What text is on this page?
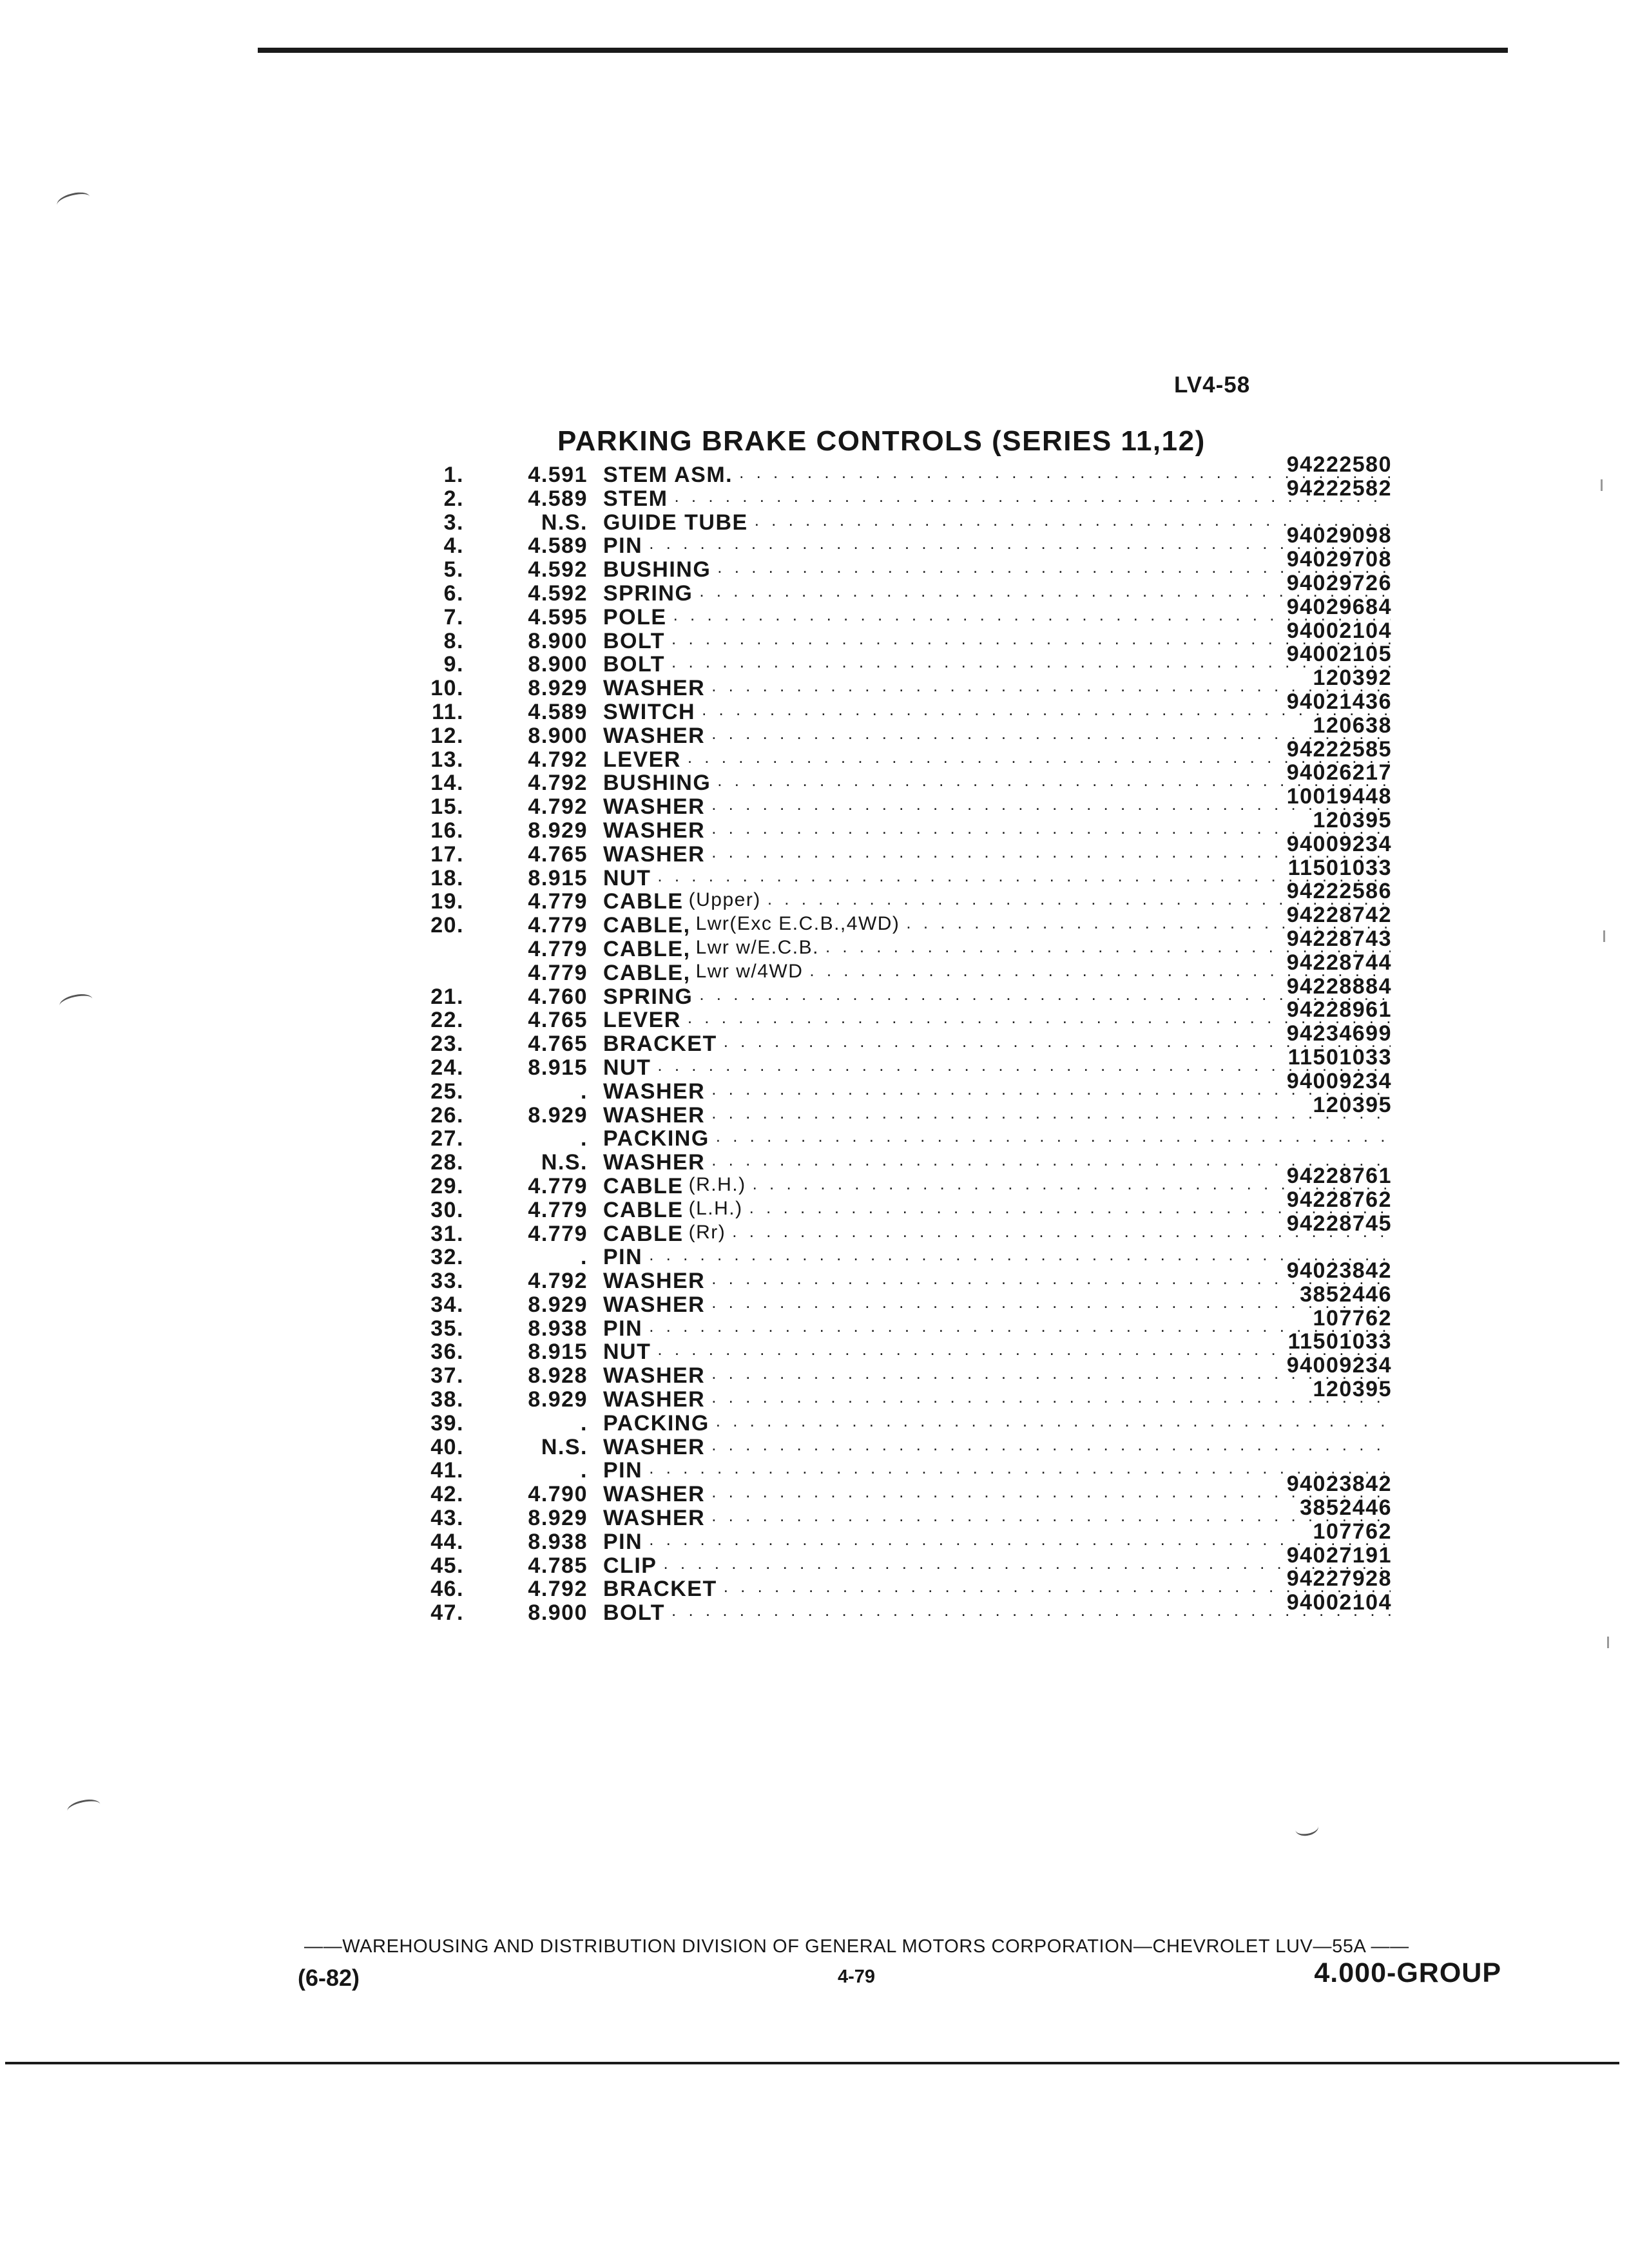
LV4-58
PARKING BRAKE CONTROLS (SERIES 11,12)
1.	4.591 STEM ASM. . . .	94222580
2.	4.589 STEM . . .	94222582
3.	N.S. GUIDE TUBE
. . .
4.	4.589 PIN . . .	94029098
5.	4.592 BUSHING . . .	94029708
6.	4.592 SPRING . . .	94029726
7.	4.595 POLE . . .	94029684
8.	8.900 BOLT . . .	94002104
9.	8.900 BOLT . . .	94002105
10.	8.929 WASHER . . .	120392
11.	4.589 SWITCH . . .	94021436
12.	8.900 WASHER . . .	120638
13.	4.792 LEVER . . .	94222585
14.	4.792 BUSHING . . .	94026217
15.	4.792 WASHER . . .	10019448
16.	8.929 WASHER . . .	120395
17.	4.765 WASHER . . .	94009234
18.	8.915 NUT . . .	11501033
19.	4.779 CABLE (Upper) . . .	94222586
20.	4.779 CABLE, Lwr(Exc E.C.B.,4WD) . . .	94228742
4.779 CABLE, Lwr w/E.C.B. . . .	94228743
4.779 CABLE, Lwr w/4WD . . .	94228744
21.	4.760 SPRING . . .	94228884
22.	4.765 LEVER . . .	94228961
23.	4.765 BRACKET . . .	94234699
24.	8.915 NUT . . .	11501033
25.	. WASHER . . .	94009234
26.	8.929 WASHER . . .	120395
27.	. PACKING
. . .
28.	N.S. WASHER
. . .
29.	4.779 CABLE (R.H.) . . .	94228761
30.	4.779 CABLE (L.H.) . . .	94228762
31.	4.779 CABLE (Rr) . . .	94228745
32.	. PIN
. . .
33.	4.792 WASHER . . .	94023842
34.	8.929 WASHER . . .	3852446
35.	8.938 PIN . . .	107762
36.	8.915 NUT . . .	11501033
37.	8.928 WASHER . . .	94009234
38.	8.929 WASHER . . .	120395
39.	. PACKING
. . .
40.	N.S. WASHER
. . .
41.	. PIN
. . .
42.	4.790 WASHER . . .	94023842
43.	8.929 WASHER . . .	3852446
44.	8.938 PIN . . .	107762
45.	4.785 CLIP . . .	94027191
46.	4.792 BRACKET . . .	94227928
47.	8.900 BOLT . . .	94002104
——WAREHOUSING AND DISTRIBUTION DIVISION OF GENERAL MOTORS CORPORATION—CHEVROLET LUV—55A ——
(6-82)	4-79	4.000-GROUP
